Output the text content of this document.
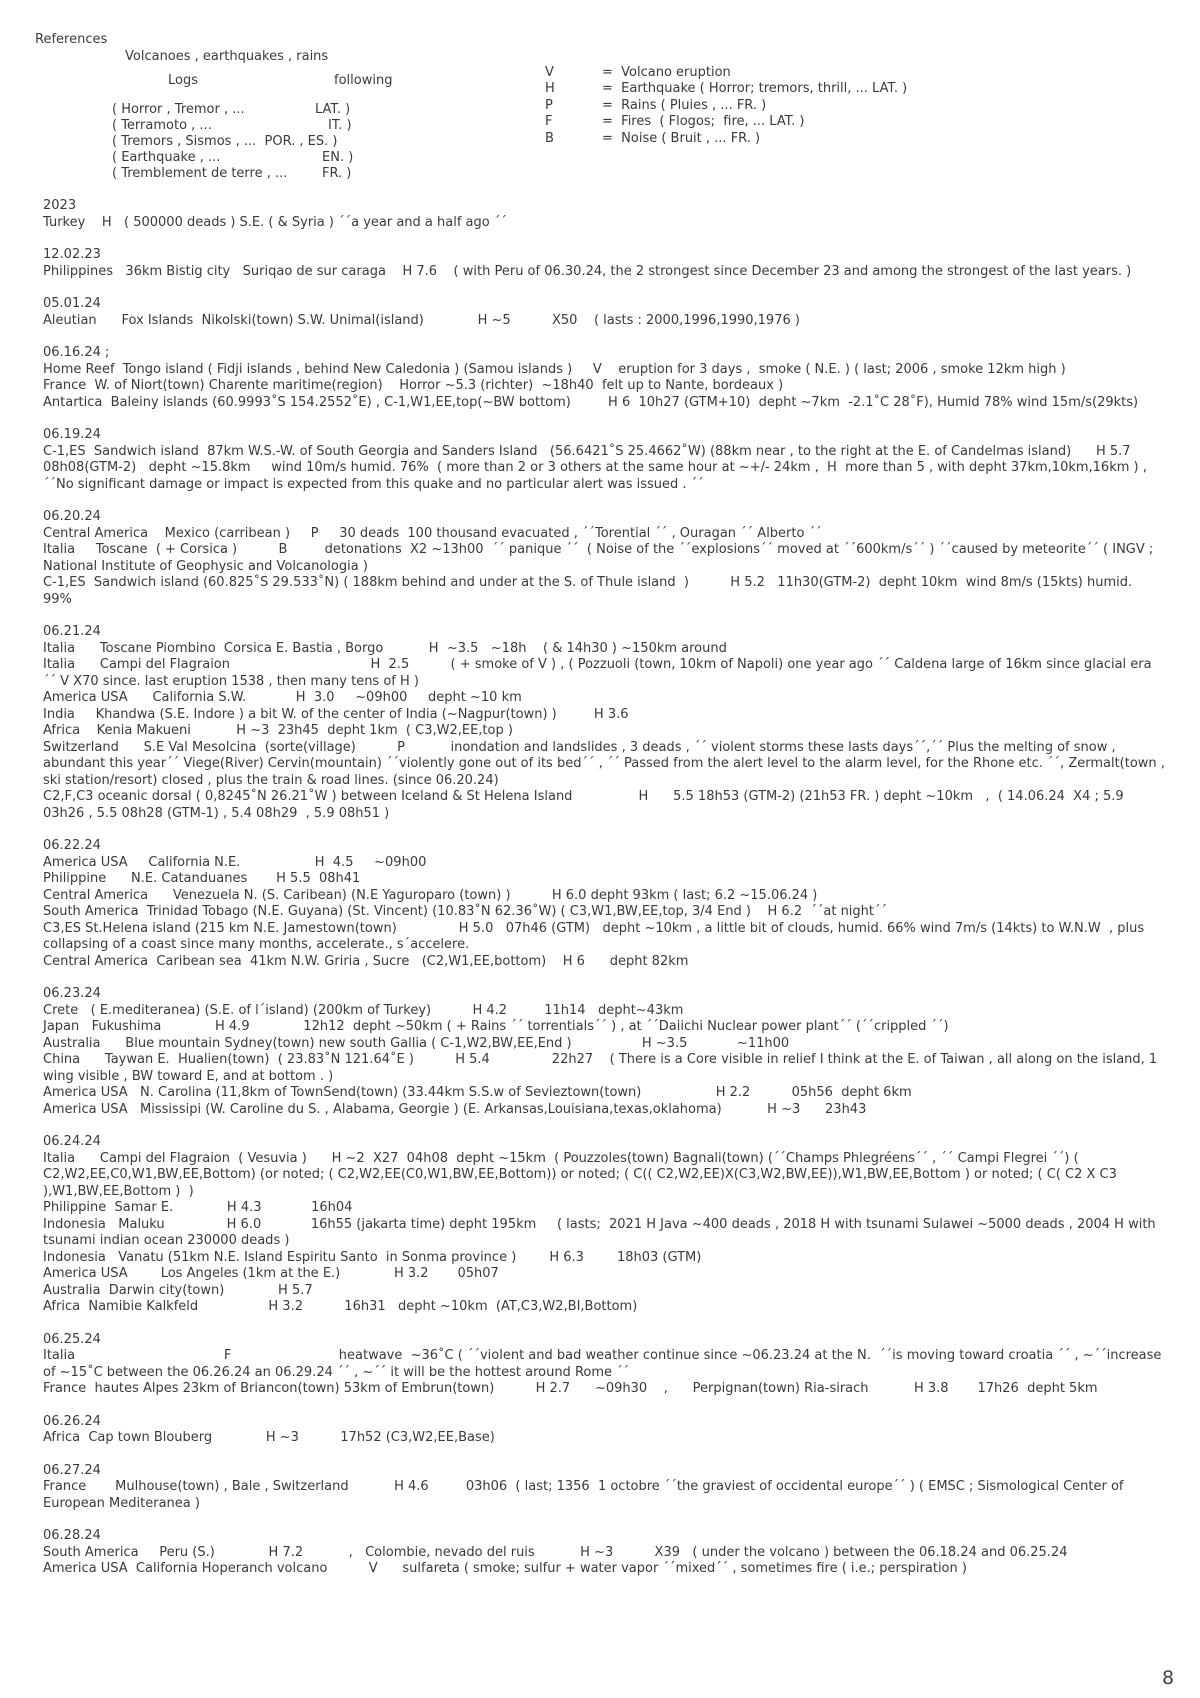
References
Volcanoes , earthquakes , rains
Logs	following
( Horror , Tremor , ...	LAT. )
( Terramoto , ...	IT. )
( Tremors , Sismos , ...  POR. , ES. )
( Earthquake , ...	EN. )
( Tremblement de terre , ...	FR. )
V	=  Volcano eruption
H	=  Earthquake ( Horror; tremors, thrill, ... LAT. )
P	=  Rains ( Pluies , ... FR. )
F	=  Fires  ( Flogos;  fire, ... LAT. )
B	=  Noise ( Bruit , ... FR. )
2023
Turkey    H   ( 500000 deads ) S.E. ( & Syria ) ´´a year and a half ago ´´
12.02.23
Philippines   36km Bistig city   Suriqao de sur caraga    H 7.6    ( with Peru of 06.30.24, the 2 strongest since December 23 and among the strongest of the last years. )
05.01.24
Aleutian      Fox Islands  Nikolski(town) S.W. Unimal(island)             H ~5          X50    ( lasts : 2000,1996,1990,1976 )
06.16.24 ;
Home Reef  Tongo island ( Fidji islands , behind New Caledonia ) (Samou islands )     V    eruption for 3 days ,  smoke ( N.E. ) ( last; 2006 , smoke 12km high )
France  W. of Niort(town) Charente maritime(region)    Horror ~5.3 (richter)  ~18h40  felt up to Nante, bordeaux )
Antartica  Baleiny islands (60.9993˚S 154.2552˚E) , C-1,W1,EE,top(~BW bottom)         H 6  10h27 (GTM+10)  depht ~7km  -2.1˚C 28˚F), Humid 78% wind 15m/s(29kts)
06.19.24
C-1,ES  Sandwich island  87km W.S.-W. of South Georgia and Sanders Island   (56.6421˚S 25.4662˚W) (88km near , to the right at the E. of Candelmas island)      H 5.7 08h08(GTM-2)   depht ~15.8km     wind 10m/s humid. 76%  ( more than 2 or 3 others at the same hour at ~+/- 24km ,  H  more than 5 , with depht 37km,10km,16km ) ,  ´´No significant damage or impact is expected from this quake and no particular alert was issued . ´´
06.20.24
Central America    Mexico (carribean )     P     30 deads  100 thousand evacuated , ´´Torential ´´ , Ouragan ´´ Alberto ´´
Italia     Toscane  ( + Corsica )          B         detonations  X2 ~13h00  ´´ panique ´´  ( Noise of the ´´explosions´´ moved at ´´600km/s´´ ) ´´caused by meteorite´´ ( INGV ;  National Institute of Geophysic and Volcanologia )
C-1,ES  Sandwich island (60.825˚S 29.533˚N) ( 188km behind and under at the S. of Thule island  )          H 5.2   11h30(GTM-2)  depht 10km  wind 8m/s (15kts) humid. 99%
06.21.24
Italia      Toscane Piombino  Corsica E. Bastia , Borgo           H  ~3.5   ~18h    ( & 14h30 ) ~150km around
Italia      Campi del Flagraion                                  H  2.5          ( + smoke of V ) , ( Pozzuoli (town, 10km of Napoli) one year ago ´´ Caldena large of 16km since glacial era ´´ V X70 since. last eruption 1538 , then many tens of H )
America USA      California S.W.            H  3.0     ~09h00     depht ~10 km
India     Khandwa (S.E. Indore ) a bit W. of the center of India (~Nagpur(town) )         H 3.6
Africa    Kenia Makueni           H ~3  23h45  depht 1km  ( C3,W2,EE,top )
Switzerland      S.E Val Mesolcina  (sorte(village)          P           inondation and landslides , 3 deads , ´´ violent storms these lasts days´´,´´ Plus the melting of snow , abundant this year´´ Viege(River) Cervin(mountain) ´´violently gone out of its bed´´ , ´´ Passed from the alert level to the alarm level, for the Rhone etc. ´´, Zermalt(town , ski station/resort) closed , plus the train & road lines. (since 06.20.24)
C2,F,C3 oceanic dorsal ( 0,8245˚N 26.21˚W ) between Iceland & St Helena Island                H      5.5 18h53 (GTM-2) (21h53 FR. ) depht ~10km   ,  ( 14.06.24  X4 ; 5.9 03h26 , 5.5 08h28 (GTM-1) , 5.4 08h29  , 5.9 08h51 )
06.22.24
America USA     California N.E.                  H  4.5     ~09h00
Philippine      N.E. Catanduanes       H 5.5  08h41
Central America      Venezuela N. (S. Caribean) (N.E Yaguroparo (town) )          H 6.0 depht 93km ( last; 6.2 ~15.06.24 )
South America  Trinidad Tobago (N.E. Guyana) (St. Vincent) (10.83˚N 62.36˚W) ( C3,W1,BW,EE,top, 3/4 End )    H 6.2  ´´at night´´
C3,ES St.Helena island (215 km N.E. Jamestown(town)               H 5.0   07h46 (GTM)   depht ~10km , a little bit of clouds, humid. 66% wind 7m/s (14kts) to W.N.W  , plus collapsing of a coast since many months, accelerate., s´accelere.
Central America  Caribean sea  41km N.W. Griria , Sucre   (C2,W1,EE,bottom)    H 6      depht 82km
06.23.24
Crete   ( E.mediteranea) (S.E. of l´island) (200km of Turkey)          H 4.2         11h14   depht~43km
Japan   Fukushima             H 4.9             12h12  depht ~50km ( + Rains ´´ torrentials´´ ) , at ´´Daiichi Nuclear power plant´´ (´´crippled ´´)
Australia      Blue mountain Sydney(town) new south Gallia ( C-1,W2,BW,EE,End )                 H ~3.5            ~11h00
China      Taywan E.  Hualien(town)  ( 23.83˚N 121.64˚E )          H 5.4               22h27    ( There is a Core visible in relief I think at the E. of Taiwan , all along on the island, 1 wing visible , BW toward E, and at bottom . )
America USA   N. Carolina (11,8km of TownSend(town) (33.44km S.S.w of Sevieztown(town)                  H 2.2          05h56  depht 6km
America USA   Mississipi (W. Caroline du S. , Alabama, Georgie ) (E. Arkansas,Louisiana,texas,oklahoma)           H ~3      23h43
06.24.24
Italia      Campi del Flagraion  ( Vesuvia )      H ~2  X27  04h08  depht ~15km  ( Pouzzoles(town) Bagnali(town) (´´Champs Phlegréens´´ , ´´ Campi Flegrei ´´) ( C2,W2,EE,C0,W1,BW,EE,Bottom) (or noted; ( C2,W2,EE(C0,W1,BW,EE,Bottom)) or noted; ( C(( C2,W2,EE)X(C3,W2,BW,EE)),W1,BW,EE,Bottom ) or noted; ( C( C2 X C3 ),W1,BW,EE,Bottom )  )
Philippine  Samar E.             H 4.3            16h04
Indonesia   Maluku               H 6.0            16h55 (jakarta time) depht 195km     ( lasts;  2021 H Java ~400 deads , 2018 H with tsunami Sulawei ~5000 deads , 2004 H with tsunami indian ocean 230000 deads )
Indonesia   Vanatu (51km N.E. Island Espiritu Santo  in Sonma province )        H 6.3        18h03 (GTM)
America USA        Los Angeles (1km at the E.)             H 3.2       05h07
Australia  Darwin city(town)             H 5.7
Africa  Namibie Kalkfeld                 H 3.2          16h31   depht ~10km  (AT,C3,W2,BI,Bottom)
06.25.24
Italia                                    F                          heatwave  ~36˚C ( ´´violent and bad weather continue since ~06.23.24 at the N.  ´´is moving toward croatia ´´ , ~´´increase of ~15˚C between the 06.26.24 an 06.29.24 ´´ , ~´´ it will be the hottest around Rome ´´
France  hautes Alpes 23km of Briancon(town) 53km of Embrun(town)          H 2.7      ~09h30    ,      Perpignan(town) Ria-sirach           H 3.8       17h26  depht 5km
06.26.24
Africa  Cap town Blouberg             H ~3          17h52 (C3,W2,EE,Base)
06.27.24
France       Mulhouse(town) , Bale , Switzerland           H 4.6         03h06  ( last; 1356  1 octobre ´´the graviest of occidental europe´´ ) ( EMSC ; Sismological Center of European Mediteranea )
06.28.24
South America     Peru (S.)             H 7.2           ,   Colombie, nevado del ruis           H ~3          X39   ( under the volcano ) between the 06.18.24 and 06.25.24
America USA  California Hoperanch volcano          V      sulfareta ( smoke; sulfur + water vapor ´´mixed´´ , sometimes fire ( i.e.; perspiration )
8
